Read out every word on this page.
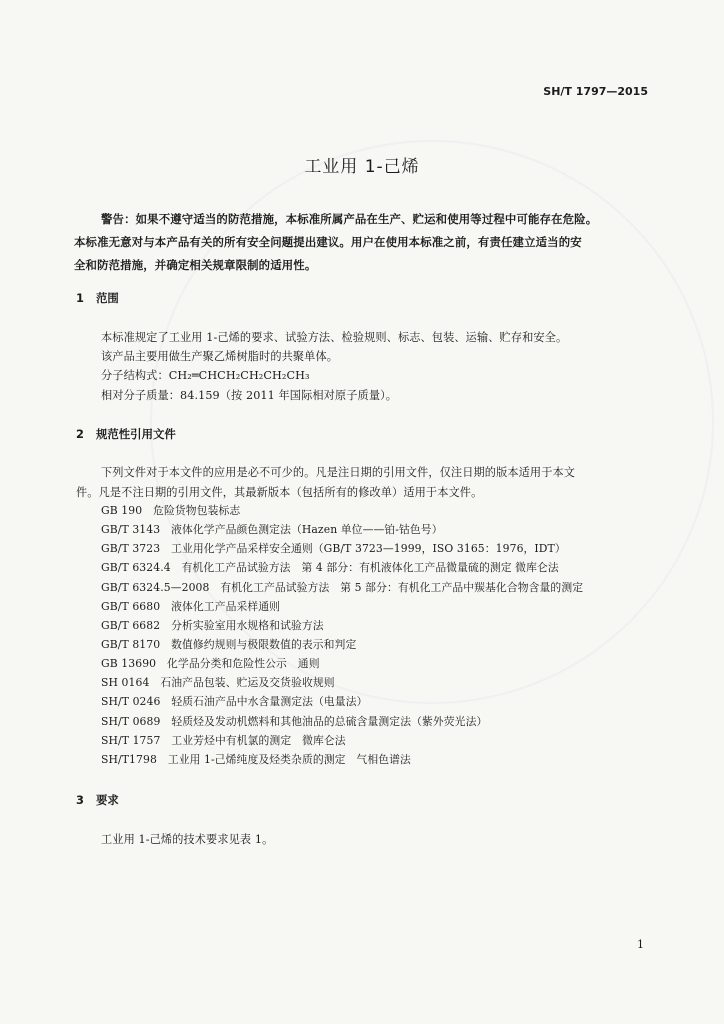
SH/T 1797—2015
工业用 1-己烯
警告：如果不遵守适当的防范措施，本标准所属产品在生产、贮运和使用等过程中可能存在危险。
本标准无意对与本产品有关的所有安全问题提出建议。用户在使用本标准之前，有责任建立适当的安
全和防范措施，并确定相关规章限制的适用性。
1 范围
本标准规定了工业用 1-己烯的要求、试验方法、检验规则、标志、包装、运输、贮存和安全。
该产品主要用做生产聚乙烯树脂时的共聚单体。
分子结构式：CH₂═CHCH₂CH₂CH₂CH₃
相对分子质量：84.159（按 2011 年国际相对原子质量）。
2 规范性引用文件
下列文件对于本文件的应用是必不可少的。凡是注日期的引用文件，仅注日期的版本适用于本文
件。凡是不注日期的引用文件，其最新版本（包括所有的修改单）适用于本文件。
GB 190　危险货物包装标志
GB/T 3143　液体化学产品颜色测定法（Hazen 单位——铂-钴色号）
GB/T 3723　工业用化学产品采样安全通则（GB/T 3723—1999，ISO 3165：1976，IDT）
GB/T 6324.4　有机化工产品试验方法　第 4 部分：有机液体化工产品微量硫的测定 微库仑法
GB/T 6324.5—2008　有机化工产品试验方法　第 5 部分：有机化工产品中羰基化合物含量的测定
GB/T 6680　液体化工产品采样通则
GB/T 6682　分析实验室用水规格和试验方法
GB/T 8170　数值修约规则与极限数值的表示和判定
GB 13690　化学品分类和危险性公示　通则
SH 0164　石油产品包装、贮运及交货验收规则
SH/T 0246　轻质石油产品中水含量测定法（电量法）
SH/T 0689　轻质烃及发动机燃料和其他油品的总硫含量测定法（紫外荧光法）
SH/T 1757　工业芳烃中有机氯的测定　微库仑法
SH/T1798　工业用 1-己烯纯度及烃类杂质的测定　气相色谱法
3 要求
工业用 1-己烯的技术要求见表 1。
1
